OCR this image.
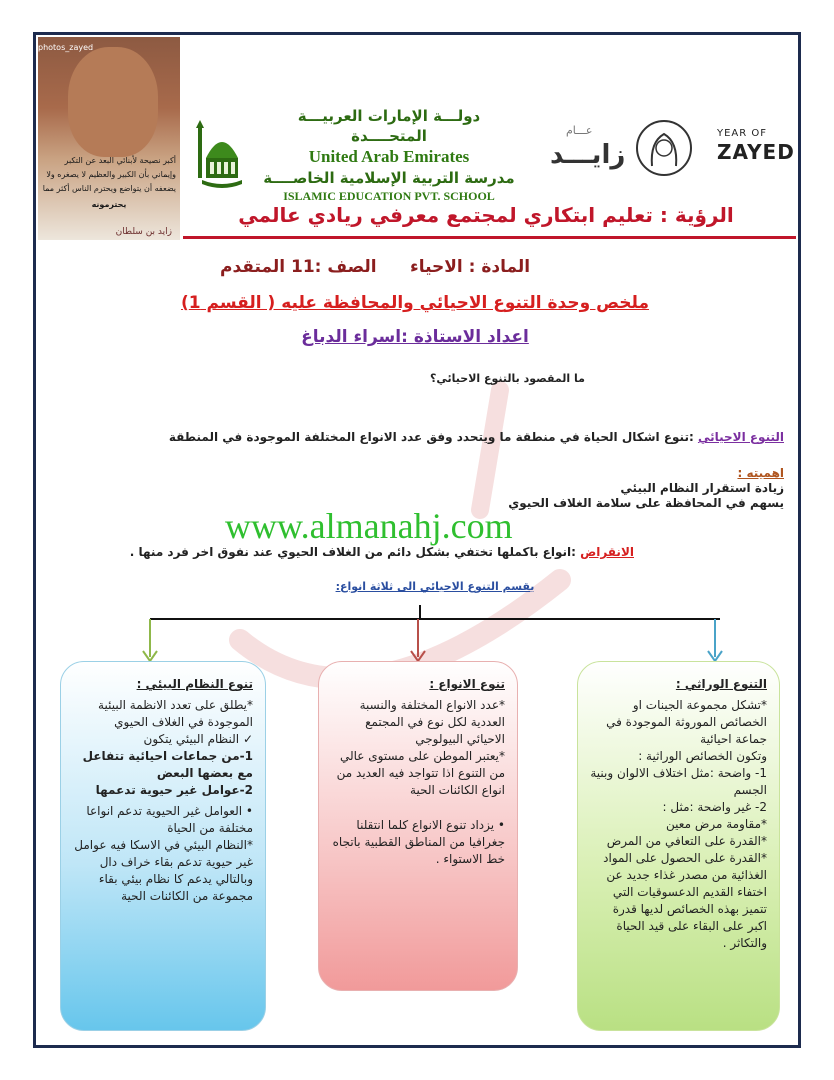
photos_zayed
أكبر نصيحة لأبنائي البعد عن التكبر
وإيماني بأن الكبير والعظيم لا يصغره ولا
يضعفه أن يتواضع ويحترم الناس أكثر مما
يحترمونه
زايد بن سلطان
دولـــة الإمارات العربيـــة المتحــــدة
United Arab Emirates
مدرسة التربية الإسلامية الخاصــــة
ISLAMIC EDUCATION PVT. SCHOOL
عـــام
زايـــد
YEAR OF
ZAYED
الرؤية : تعليم ابتكاري لمجتمع معرفي ريادي عالمي
المادة : الاحياء
الصف :11 المتقدم
ملخص وحدة التنوع الاحيائي والمحافظة عليه ( القسم 1)
اعداد الاستاذة :اسراء الدباغ
ما المقصود بالتنوع الاحيائي؟
التنوع الاحيائي :تنوع اشكال الحياة في منطقة ما ويتحدد وفق عدد الانواع المختلفة الموجودة في المنطقة
اهميته :
زيادة استقرار النظام البيئي
يسهم في المحافظة على سلامة الغلاف الحيوي
www.almanahj.com
الانقراض :انواع باكملها تختفي بشكل دائم من الغلاف الحيوي عند نفوق اخر فرد منها .
يقسم التنوع الاحيائي الى ثلاثة انواع:

تنوع النظام البيئي :

*يطلق على تعدد الانظمة البيئية الموجودة في الغلاف الحيوي

✓ النظام البيئي يتكون

1-من جماعات احيائية تتفاعل مع بعضها البعض

2-عوامل غير حيوية تدعمها

• العوامل غير الحيوية تدعم انواعا مختلفة من الحياة

*النظام البيئي في الاسكا فيه عوامل غير حيوية تدعم بقاء خراف دال وبالتالي يدعم كا نظام بيئي بقاء مجموعة من الكائنات الحية

تنوع الانواع :

*عدد الانواع المختلفة والنسبة العددية لكل نوع في المجتمع الاحيائي البيولوجي

*يعتبر الموطن على مستوى عالي من التنوع اذا تتواجد فيه العديد من انواع الكائنات الحية

• يزداد تنوع الانواع كلما انتقلنا جغرافيا من المناطق القطبية باتجاه خط الاستواء .

التنوع الوراثي :

*تشكل مجموعة الجينات او الخصائص الموروثة الموجودة في جماعة احيائية

وتكون الخصائص الوراثية :

1- واضحة :مثل اختلاف الالوان وبنية الجسم

2- غير واضحة :مثل :

*مقاومة مرض معين

*القدرة على التعافي من المرض

*القدرة على الحصول على المواد الغذائية من مصدر غذاء جديد عن اختفاء القديم الدعسوقيات التي تتميز بهذه الخصائص لديها قدرة اكبر على البقاء على قيد الحياة والتكاثر .
